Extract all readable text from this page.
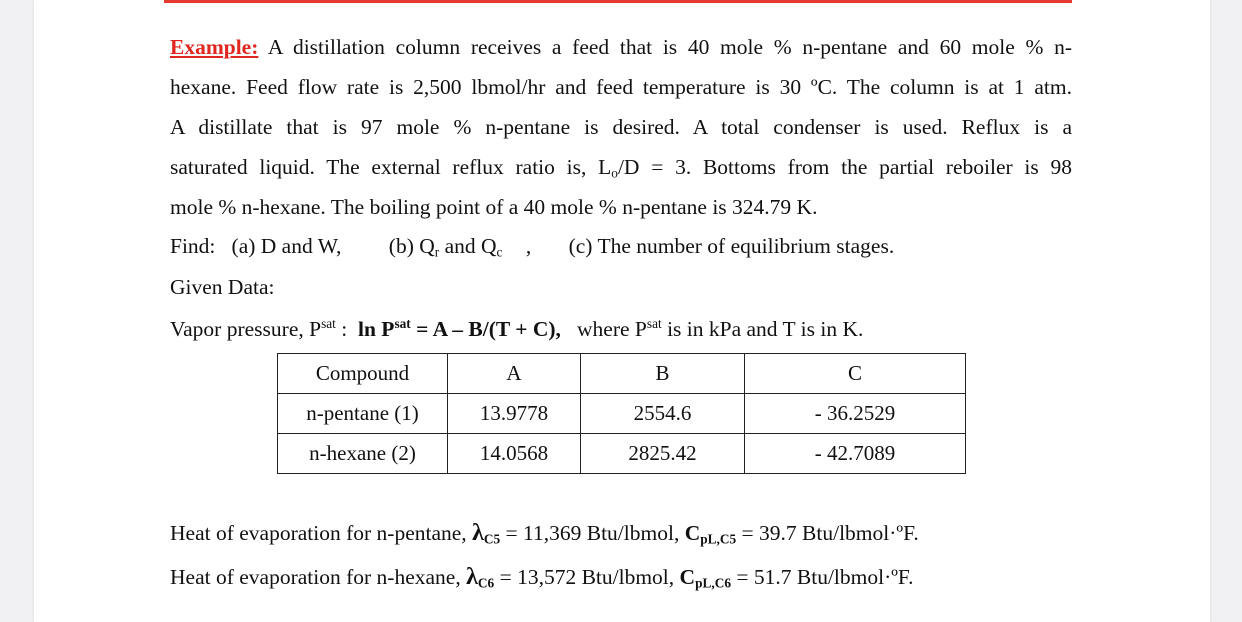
Example: A distillation column receives a feed that is 40 mole % n-pentane and 60 mole % n-
hexane. Feed flow rate is 2,500 lbmol/hr and feed temperature is 30 ºC. The column is at 1 atm.
A distillate that is 97 mole % n-pentane is desired. A total condenser is used. Reflux is a
saturated liquid. The external reflux ratio is, $L_o/D = 3$. Bottoms from the partial reboiler is 98
mole % n-hexane. The boiling point of a 40 mole % n-pentane is 324.79 K.
Find: (a) D and W, (b) $Q_r$ and $Q_c$ , (c) The number of equilibrium stages.
Given Data:
Vapor pressure, $P^{sat}$ : $\ln P^{sat} = A - B/(T + C)$, where $P^{sat}$ is in kPa and T is in K.
Compound	A	B	C
n-pentane (1)	13.9778	2554.6	- 36.2529
n-hexane (2)	14.0568	2825.42	- 42.7089
Heat of evaporation for n-pentane, $\lambda_{C5} = 11,369$ Btu/lbmol, $C_{pL,C5} = 39.7$ Btu/lbmol·ºF.
Heat of evaporation for n-hexane, $\lambda_{C6} = 13,572$ Btu/lbmol, $C_{pL,C6} = 51.7$ Btu/lbmol·ºF.
